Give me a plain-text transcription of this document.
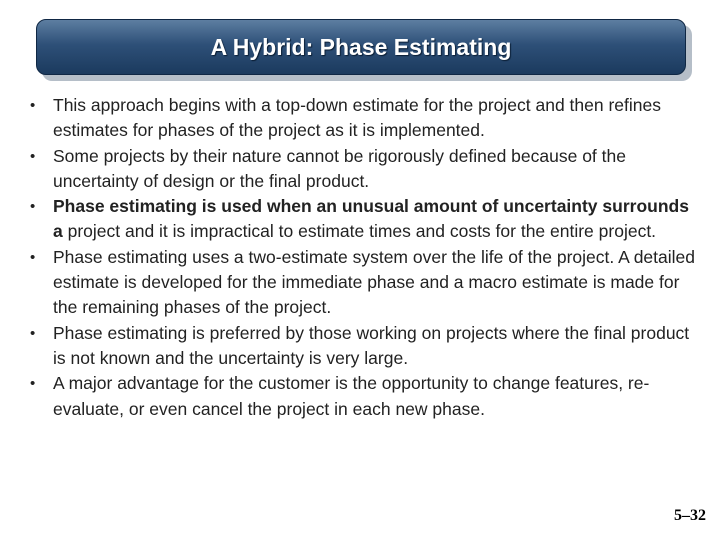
A Hybrid: Phase Estimating
• This approach begins with a top-down estimate for the project and then refines estimates for phases of the project as it is implemented.
• Some projects by their nature cannot be rigorously defined because of the uncertainty of design or the final product.
• Phase estimating is used when an unusual amount of uncertainty surrounds a project and it is impractical to estimate times and costs for the entire project.
• Phase estimating uses a two-estimate system over the life of the project. A detailed estimate is developed for the immediate phase and a macro estimate is made for the remaining phases of the project.
• Phase estimating is preferred by those working on projects where the final product is not known and the uncertainty is very large.
• A major advantage for the customer is the opportunity to change features, re-evaluate, or even cancel the project in each new phase.
5–32
